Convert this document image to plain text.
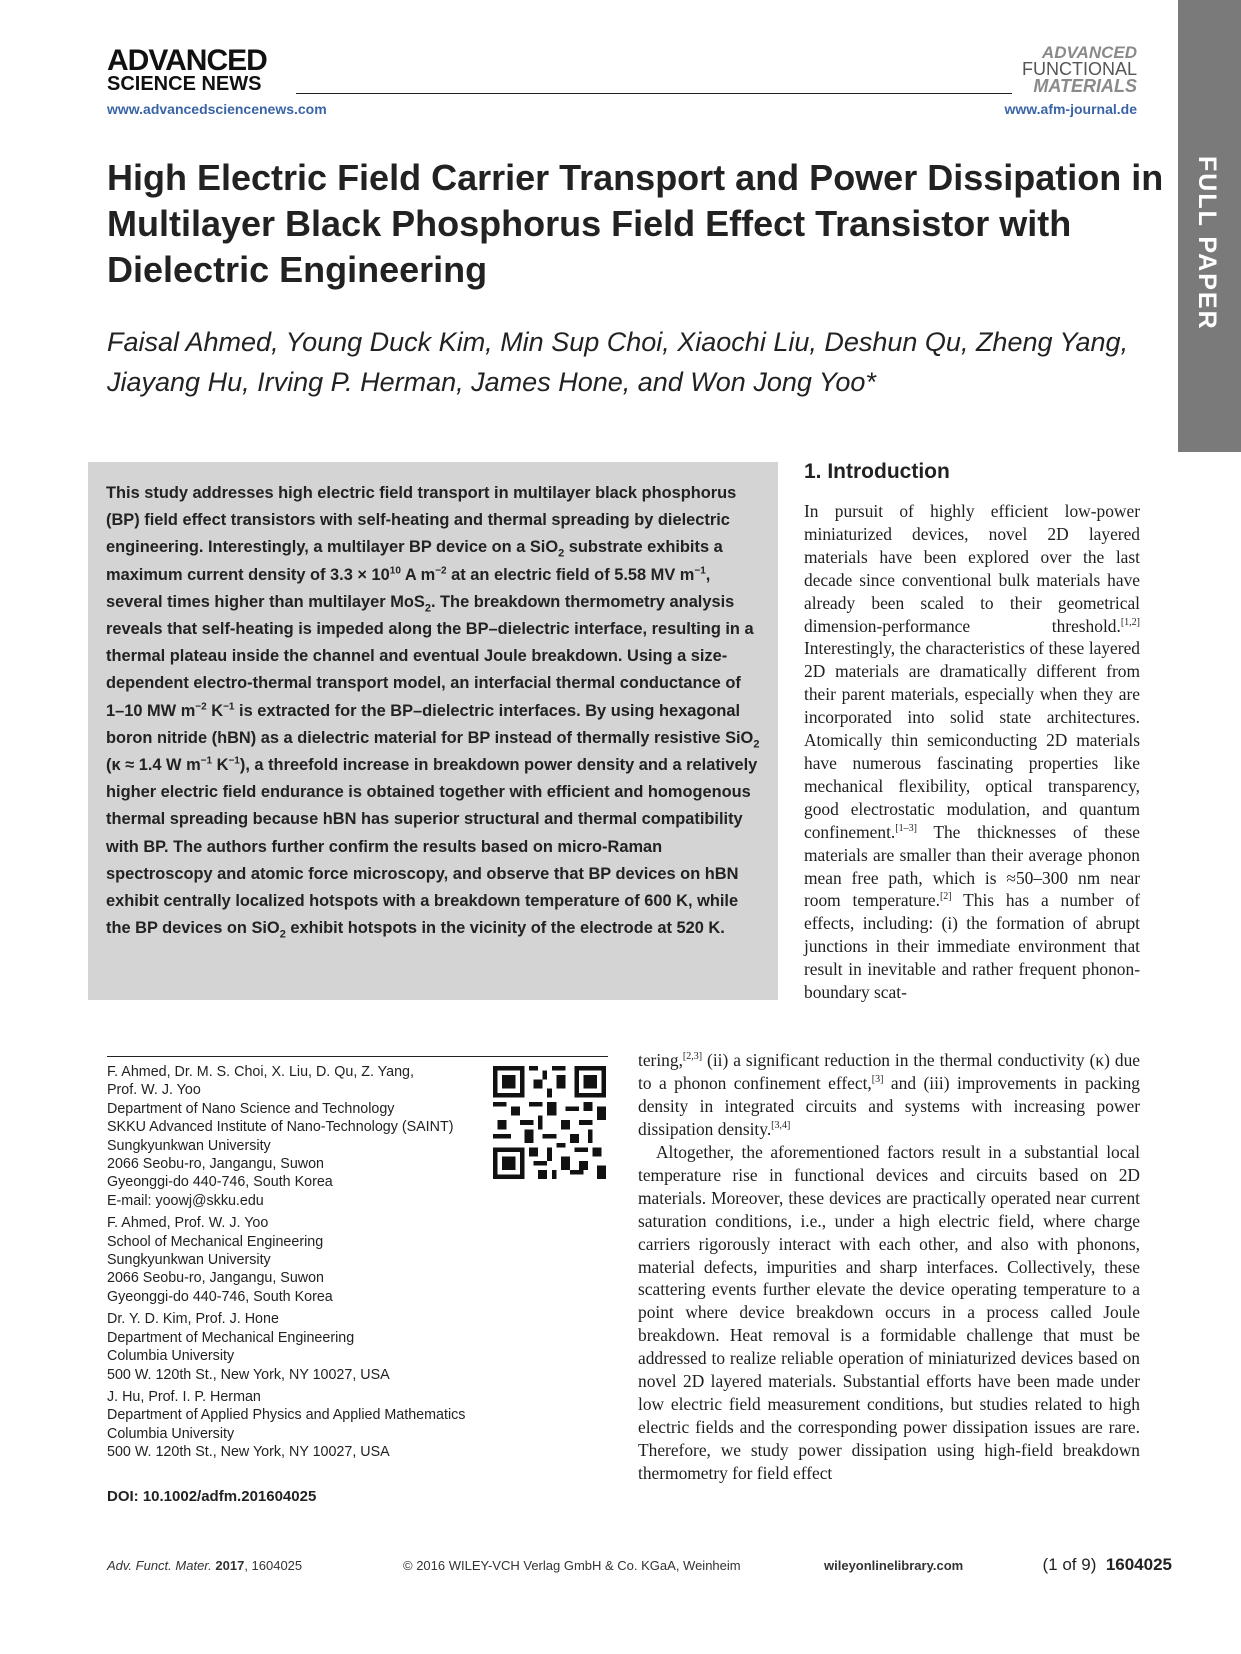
ADVANCED
SCIENCE NEWS
www.advancedsciencenews.com
ADVANCED
FUNCTIONAL
MATERIALS
www.afm-journal.de
FULL PAPER
High Electric Field Carrier Transport and Power Dissipation in Multilayer Black Phosphorus Field Effect Transistor with Dielectric Engineering
Faisal Ahmed, Young Duck Kim, Min Sup Choi, Xiaochi Liu, Deshun Qu, Zheng Yang,
Jiayang Hu, Irving P. Herman, James Hone, and Won Jong Yoo*
This study addresses high electric field transport in multilayer black phosphorus (BP) field effect transistors with self-heating and thermal spreading by dielectric engineering. Interestingly, a multilayer BP device on a SiO$_2$ substrate exhibits a maximum current density of $3.3 \times 10^{10}$ A $m^{-2}$ at an electric field of 5.58 MV $m^{-1}$, several times higher than multilayer MoS$_2$. The breakdown thermometry analysis reveals that self-heating is impeded along the BP–dielectric interface, resulting in a thermal plateau inside the channel and eventual Joule breakdown. Using a size-dependent electro-thermal transport model, an interfacial thermal conductance of 1–10 MW $m^{-2}$ $K^{-1}$ is extracted for the BP–dielectric interfaces. By using hexagonal boron nitride (hBN) as a dielectric material for BP instead of thermally resistive SiO$_2$ (κ ≈ 1.4 W $m^{-1}$ $K^{-1}$), a threefold increase in breakdown power density and a relatively higher electric field endurance is obtained together with efficient and homogenous thermal spreading because hBN has superior structural and thermal compatibility with BP. The authors further confirm the results based on micro-Raman spectroscopy and atomic force microscopy, and observe that BP devices on hBN exhibit centrally localized hotspots with a breakdown temperature of 600 K, while the BP devices on SiO$_2$ exhibit hotspots in the vicinity of the electrode at 520 K.
1. Introduction
In pursuit of highly efficient low-power miniaturized devices, novel 2D layered materials have been explored over the last decade since conventional bulk materials have already been scaled to their geometrical dimension-performance threshold.[1,2] Interestingly, the characteristics of these layered 2D materials are dramatically different from their parent materials, especially when they are incorporated into solid state architectures. Atomically thin semiconducting 2D materials have numerous fascinating properties like mechanical flexibility, optical transparency, good electrostatic modulation, and quantum confinement.[1–3] The thicknesses of these materials are smaller than their average phonon mean free path, which is ≈50–300 nm near room temperature.[2] This has a number of effects, including: (i) the formation of abrupt junctions in their immediate environment that result in inevitable and rather frequent phonon-boundary scat-
tering,[2,3] (ii) a significant reduction in the thermal conductivity (κ) due to a phonon confinement effect,[3] and (iii) improvements in packing density in integrated circuits and systems with increasing power dissipation density.[3,4]
Altogether, the aforementioned factors result in a substantial local temperature rise in functional devices and circuits based on 2D materials. Moreover, these devices are practically operated near current saturation conditions, i.e., under a high electric field, where charge carriers rigorously interact with each other, and also with phonons, material defects, impurities and sharp interfaces. Collectively, these scattering events further elevate the device operating temperature to a point where device breakdown occurs in a process called Joule breakdown. Heat removal is a formidable challenge that must be addressed to realize reliable operation of miniaturized devices based on novel 2D layered materials. Substantial efforts have been made under low electric field measurement conditions, but studies related to high electric fields and the corresponding power dissipation issues are rare. Therefore, we study power dissipation using high-field breakdown thermometry for field effect
F. Ahmed, Dr. M. S. Choi, X. Liu, D. Qu, Z. Yang,
Prof. W. J. Yoo
Department of Nano Science and Technology
SKKU Advanced Institute of Nano-Technology (SAINT)
Sungkyunkwan University
2066 Seobu-ro, Jangangu, Suwon
Gyeonggi-do 440-746, South Korea
E-mail: yoowj@skku.edu
F. Ahmed, Prof. W. J. Yoo
School of Mechanical Engineering
Sungkyunkwan University
2066 Seobu-ro, Jangangu, Suwon
Gyeonggi-do 440-746, South Korea
Dr. Y. D. Kim, Prof. J. Hone
Department of Mechanical Engineering
Columbia University
500 W. 120th St., New York, NY 10027, USA
J. Hu, Prof. I. P. Herman
Department of Applied Physics and Applied Mathematics
Columbia University
500 W. 120th St., New York, NY 10027, USA
DOI: 10.1002/adfm.201604025
Adv. Funct. Mater. 2017, 1604025	© 2016 WILEY-VCH Verlag GmbH & Co. KGaA, Weinheim	wileyonlinelibrary.com	(1 of 9) 1604025
